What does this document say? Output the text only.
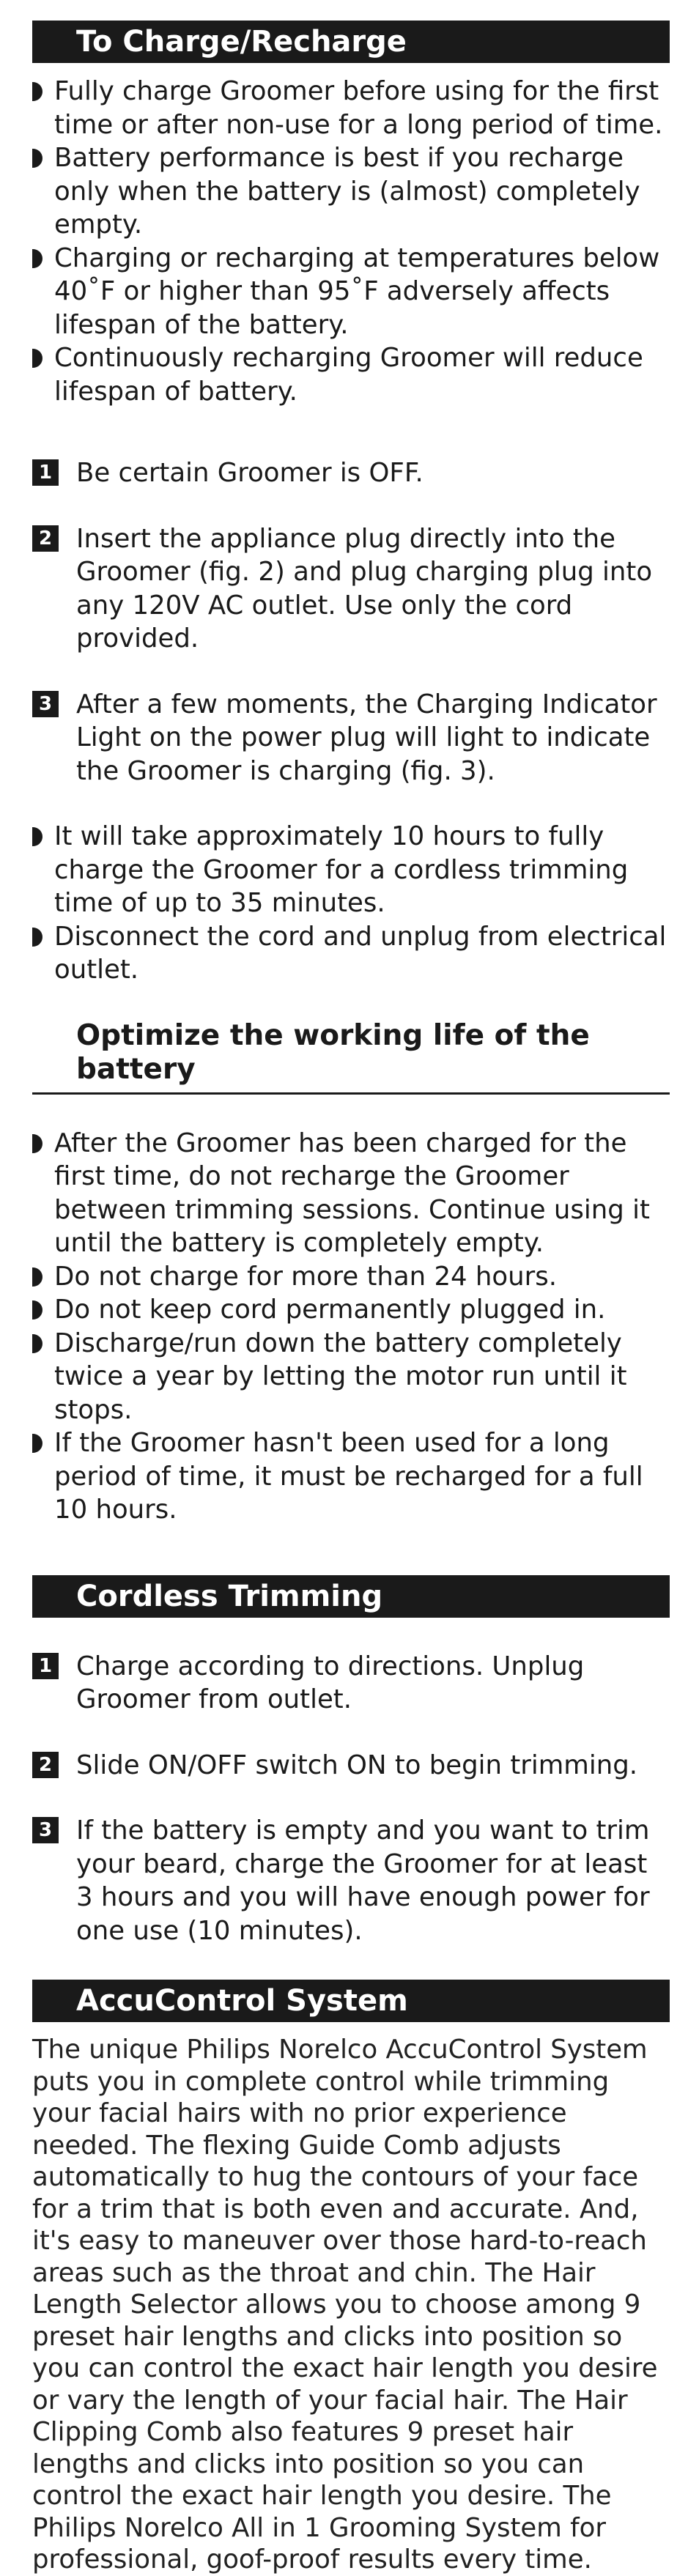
To Charge/Recharge
Fully charge Groomer before using for the first time or after non-use for a long period of time.
Battery performance is best if you recharge only when the battery is (almost) completely empty.
Charging or recharging at temperatures below 40˚F or higher than 95˚F adversely affects lifespan of the battery.
Continuously recharging Groomer will reduce lifespan of battery.
1 Be certain Groomer is OFF.
2 Insert the appliance plug directly into the Groomer (fig. 2) and plug charging plug into any 120V AC outlet. Use only the cord provided.
3 After a few moments, the Charging Indicator Light on the power plug will light to indicate the Groomer is charging (fig. 3).
It will take approximately 10 hours to fully charge the Groomer for a cordless trimming time of up to 35 minutes.
Disconnect the cord and unplug from electrical outlet.
Optimize the working life of the battery
After the Groomer has been charged for the first time, do not recharge the Groomer between trimming sessions. Continue using it until the battery is completely empty.
Do not charge for more than 24 hours.
Do not keep cord permanently plugged in.
Discharge/run down the battery completely twice a year by letting the motor run until it stops.
If the Groomer hasn't been used for a long period of time, it must be recharged for a full 10 hours.
Cordless Trimming
1 Charge according to directions. Unplug Groomer from outlet.
2 Slide ON/OFF switch ON to begin trimming.
3 If the battery is empty and you want to trim your beard, charge the Groomer for at least 3 hours and you will have enough power for one use (10 minutes).
AccuControl System

The unique Philips Norelco AccuControl System puts you in complete control while trimming your facial hairs with no prior experience needed. The flexing Guide Comb adjusts automatically to hug the contours of your face for a trim that is both even and accurate. And, it's easy to maneuver over those hard-to-reach areas such as the throat and chin. The Hair Length Selector allows you to choose among 9 preset hair lengths and clicks into position so you can control the exact hair length you desire or vary the length of your facial hair. The Hair Clipping Comb also features 9 preset hair lengths and clicks into position so you can control the exact hair length you desire. The Philips Norelco All in 1 Grooming System for professional, goof-proof results every time.
